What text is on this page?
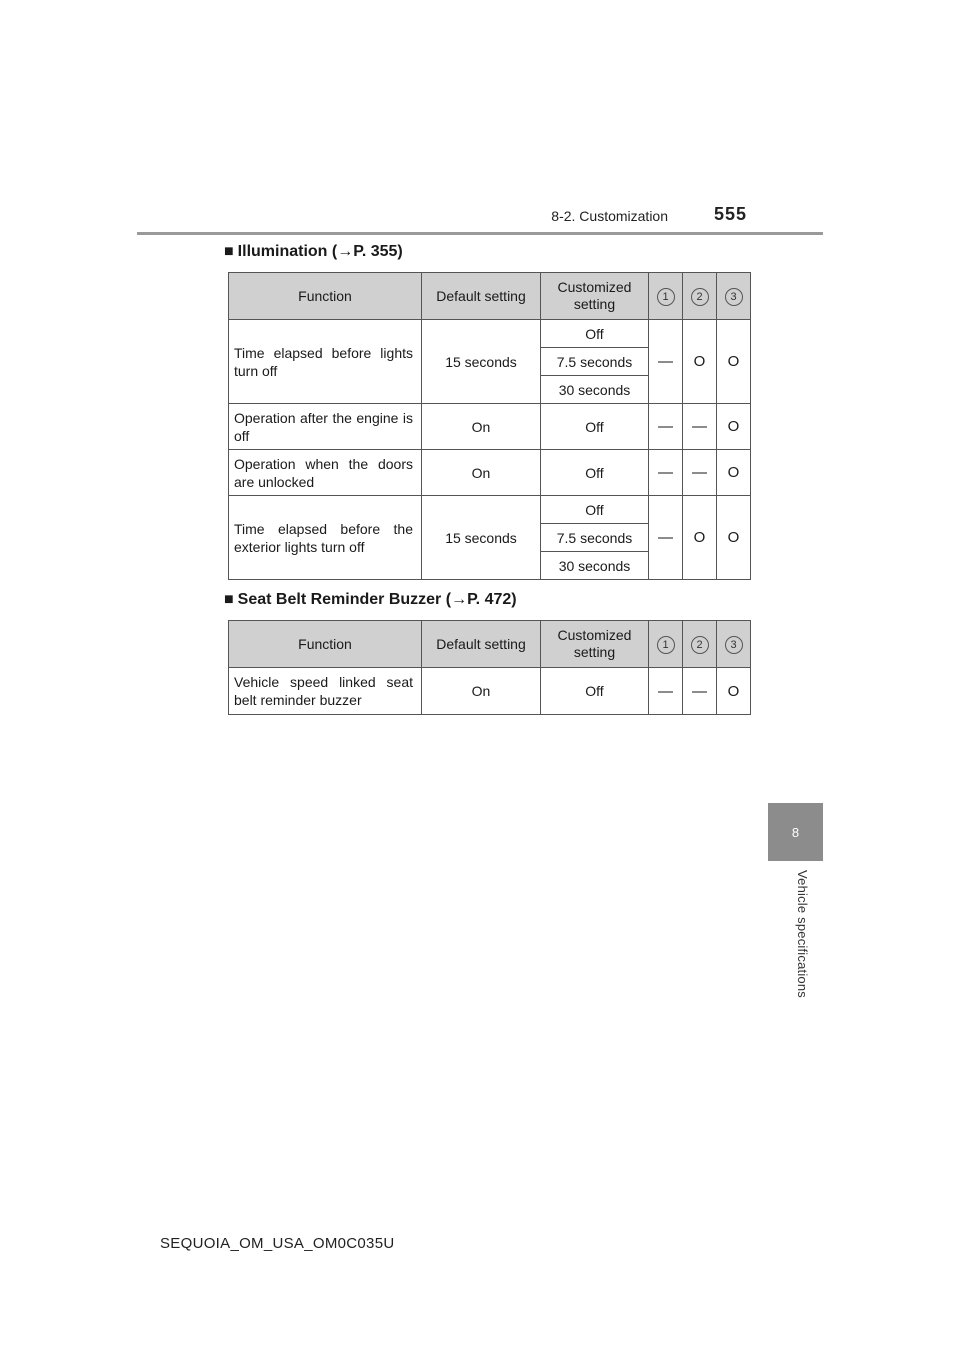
8-2. Customization	555
8
Vehicle specifications
■ Illumination (→P. 355)
Function	Default setting	Customized setting	1	2	3
Time elapsed before lights turn off	15 seconds	Off	—	O	O
		7.5 seconds			
		30 seconds			
Operation after the engine is off	On	Off	—	—	O
Operation when the doors are unlocked	On	Off	—	—	O
Time elapsed before the exterior lights turn off	15 seconds	Off	—	O	O
		7.5 seconds			
		30 seconds			
■ Seat Belt Reminder Buzzer (→P. 472)
Function	Default setting	Customized setting	1	2	3
Vehicle speed linked seat belt reminder buzzer	On	Off	—	—	O
SEQUOIA_OM_USA_OM0C035U
